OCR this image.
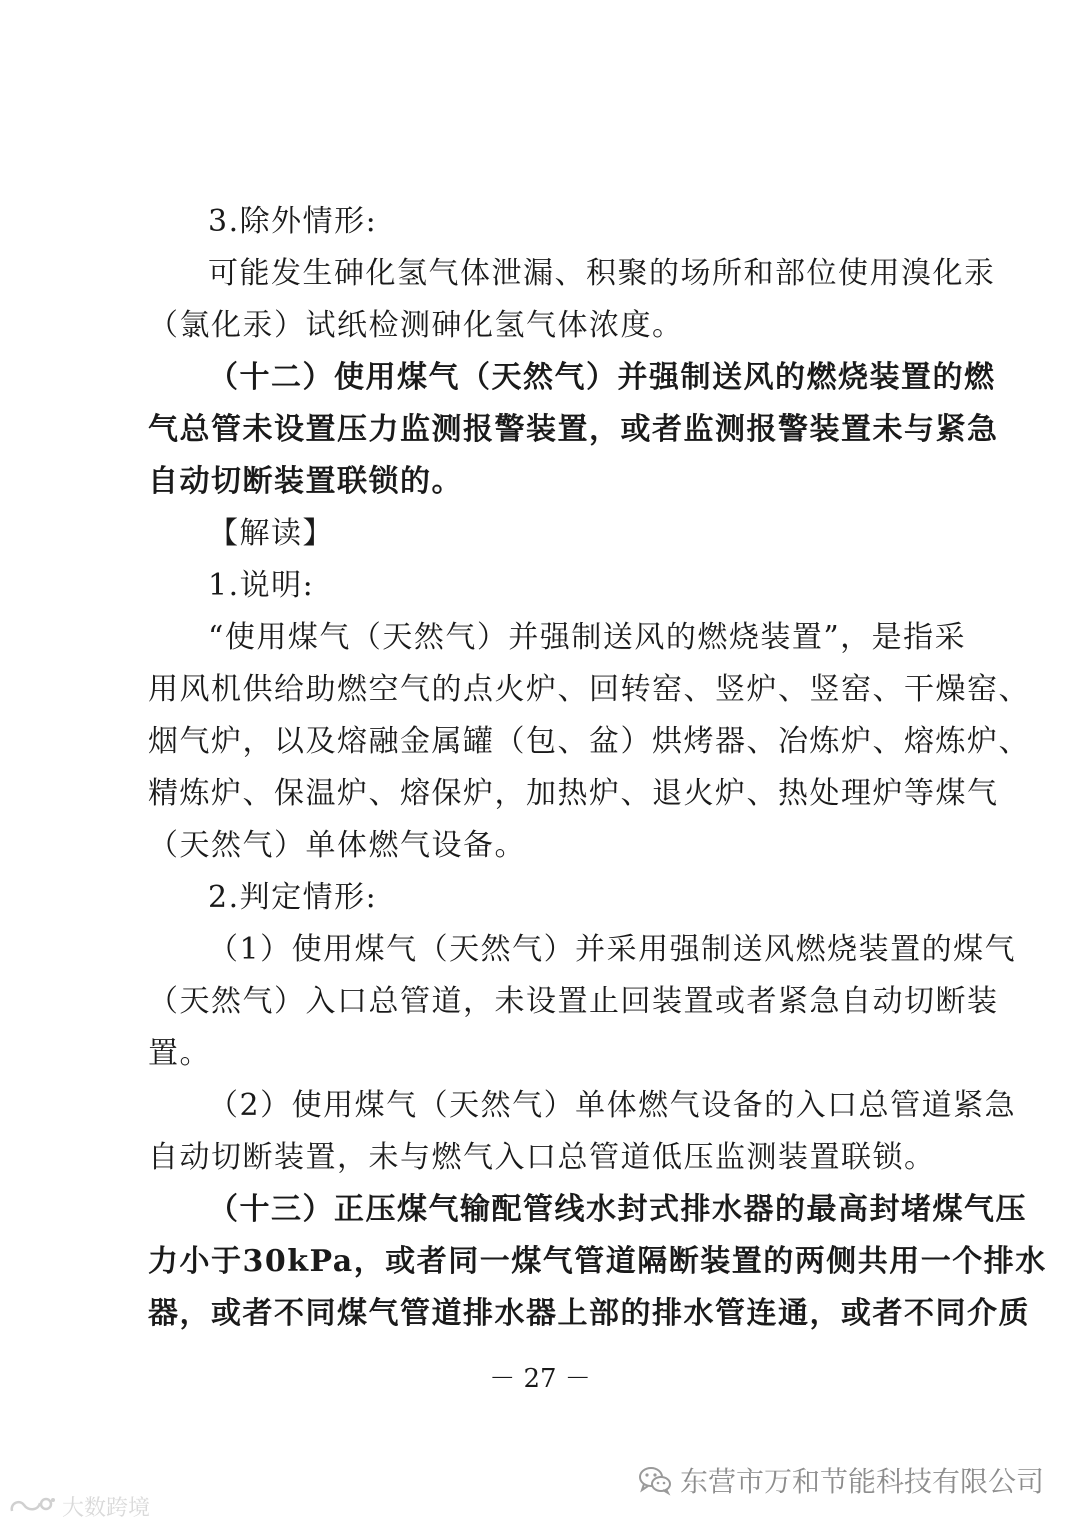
3.除外情形:
可能发生砷化氢气体泄漏、积聚的场所和部位使用溴化汞
（氯化汞）试纸检测砷化氢气体浓度。
（十二）使用煤气（天然气）并强制送风的燃烧装置的燃
气总管未设置压力监测报警装置，或者监测报警装置未与紧急
自动切断装置联锁的。
【解读】
1.说明:
“使用煤气（天然气）并强制送风的燃烧装置”，是指采
用风机供给助燃空气的点火炉、回转窑、竖炉、竖窑、干燥窑、
烟气炉，以及熔融金属罐（包、盆）烘烤器、冶炼炉、熔炼炉、
精炼炉、保温炉、熔保炉，加热炉、退火炉、热处理炉等煤气
（天然气）单体燃气设备。
2.判定情形:
（1）使用煤气（天然气）并采用强制送风燃烧装置的煤气
（天然气）入口总管道，未设置止回装置或者紧急自动切断装
置。
（2）使用煤气（天然气）单体燃气设备的入口总管道紧急
自动切断装置，未与燃气入口总管道低压监测装置联锁。
（十三）正压煤气输配管线水封式排水器的最高封堵煤气压
力小于30kPa，或者同一煤气管道隔断装置的两侧共用一个排水
器，或者不同煤气管道排水器上部的排水管连通，或者不同介质
－ 27 －
东营市万和节能科技有限公司
大数跨境
